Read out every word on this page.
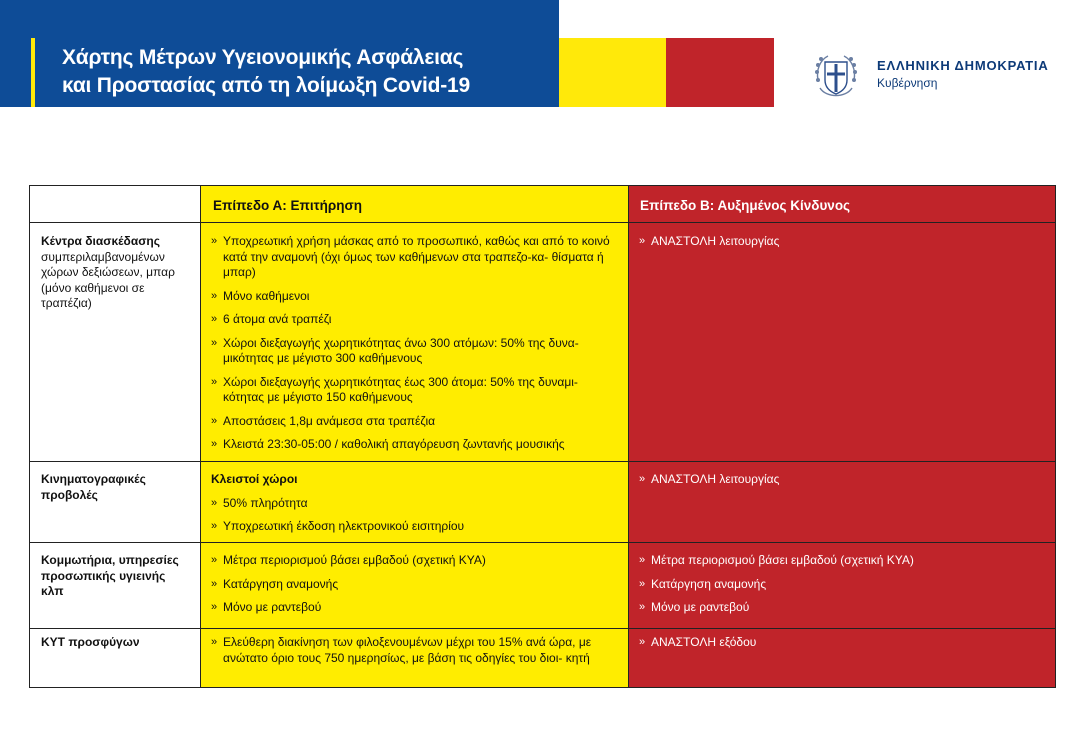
Χάρτης Μέτρων Υγειονομικής Ασφάλειας
και Προστασίας από τη λοίμωξη Covid-19
ΕΛΛΗΝΙΚΗ ΔΗΜΟΚΡΑΤΙΑ
Κυβέρνηση
Επίπεδο Α: Επιτήρηση	Επίπεδο Β: Αυξημένος Κίνδυνος
Κέντρα διασκέδασης
συμπεριλαμβανομένων χώρων δεξιώσεων, μπαρ (μόνο καθήμενοι σε τραπέζια)
» Υποχρεωτική χρήση μάσκας από το προσωπικό, καθώς και από το κοινό κατά την αναμονή (όχι όμως των καθήμενων στα τραπεζο-κα- θίσματα ή μπαρ)
» Μόνο καθήμενοι
» 6 άτομα ανά τραπέζι
» Χώροι διεξαγωγής χωρητικότητας άνω 300 ατόμων: 50% της δυνα- μικότητας με μέγιστο 300 καθήμενους
» Χώροι διεξαγωγής χωρητικότητας έως 300 άτομα: 50% της δυναμι- κότητας με μέγιστο 150 καθήμενους
» Αποστάσεις 1,8μ ανάμεσα στα τραπέζια
» Κλειστά 23:30-05:00 / καθολική απαγόρευση ζωντανής μουσικής
» ΑΝΑΣΤΟΛΗ λειτουργίας
Κινηματογραφικές προβολές
Κλειστοί χώροι
» 50% πληρότητα
» Υποχρεωτική έκδοση ηλεκτρονικού εισιτηρίου
» ΑΝΑΣΤΟΛΗ λειτουργίας
Κομμωτήρια, υπηρεσίες προσωπικής υγιεινής κλπ
» Μέτρα περιορισμού βάσει εμβαδού (σχετική ΚΥΑ)
» Κατάργηση αναμονής
» Μόνο με ραντεβού
» Μέτρα περιορισμού βάσει εμβαδού (σχετική ΚΥΑ)
» Κατάργηση αναμονής
» Μόνο με ραντεβού
ΚΥΤ προσφύγων
»	Ελεύθερη διακίνηση των φιλοξενουμένων μέχρι του 15% ανά ώρα, με ανώτατο όριο τους 750 ημερησίως, με βάση τις οδηγίες του διοι- κητή
» ΑΝΑΣΤΟΛΗ εξόδου
